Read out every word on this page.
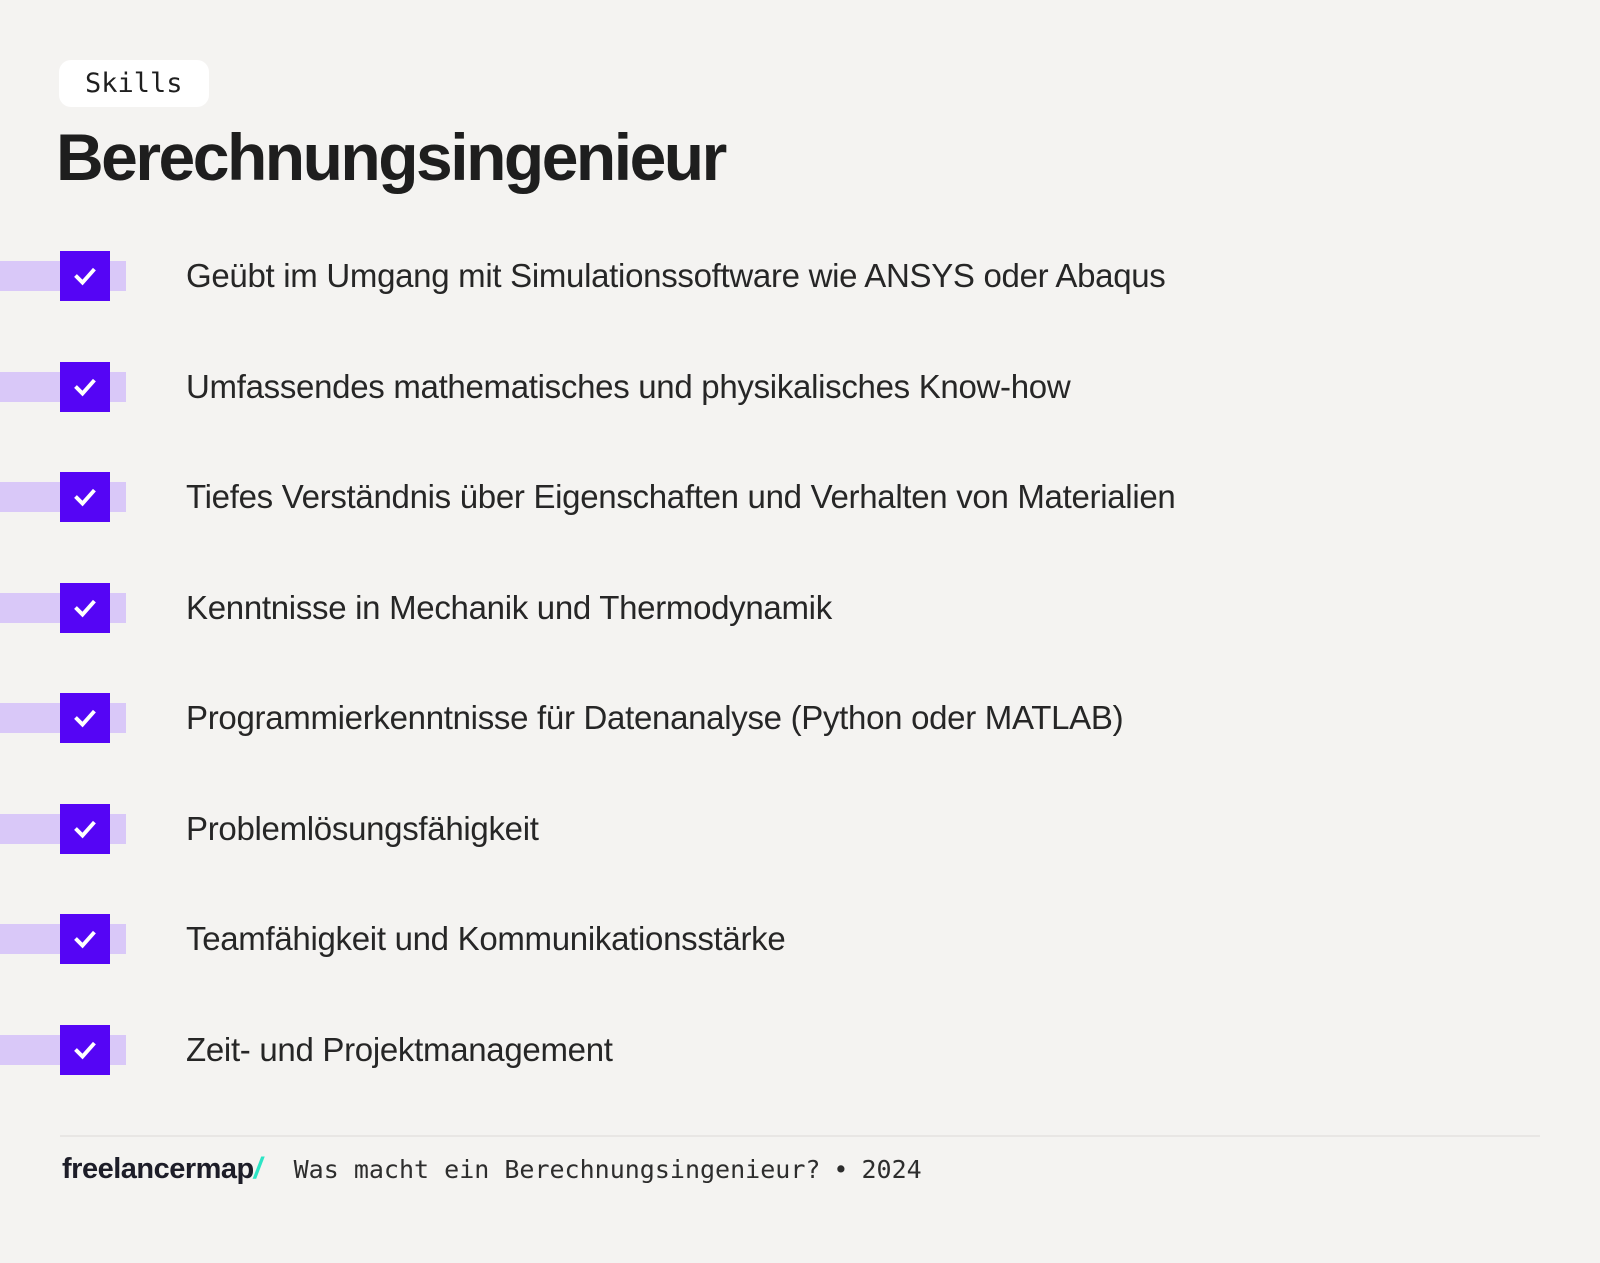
Skills
Berechnungsingenieur
Geübt im Umgang mit Simulationssoftware wie ANSYS oder Abaqus
Umfassendes mathematisches und physikalisches Know-how
Tiefes Verständnis über Eigenschaften und Verhalten von Materialien
Kenntnisse in Mechanik und Thermodynamik
Programmierkenntnisse für Datenanalyse (Python oder MATLAB)
Problemlösungsfähigkeit
Teamfähigkeit und Kommunikationsstärke
Zeit- und Projektmanagement
freelancermap/ Was macht ein Berechnungsingenieur? • 2024
